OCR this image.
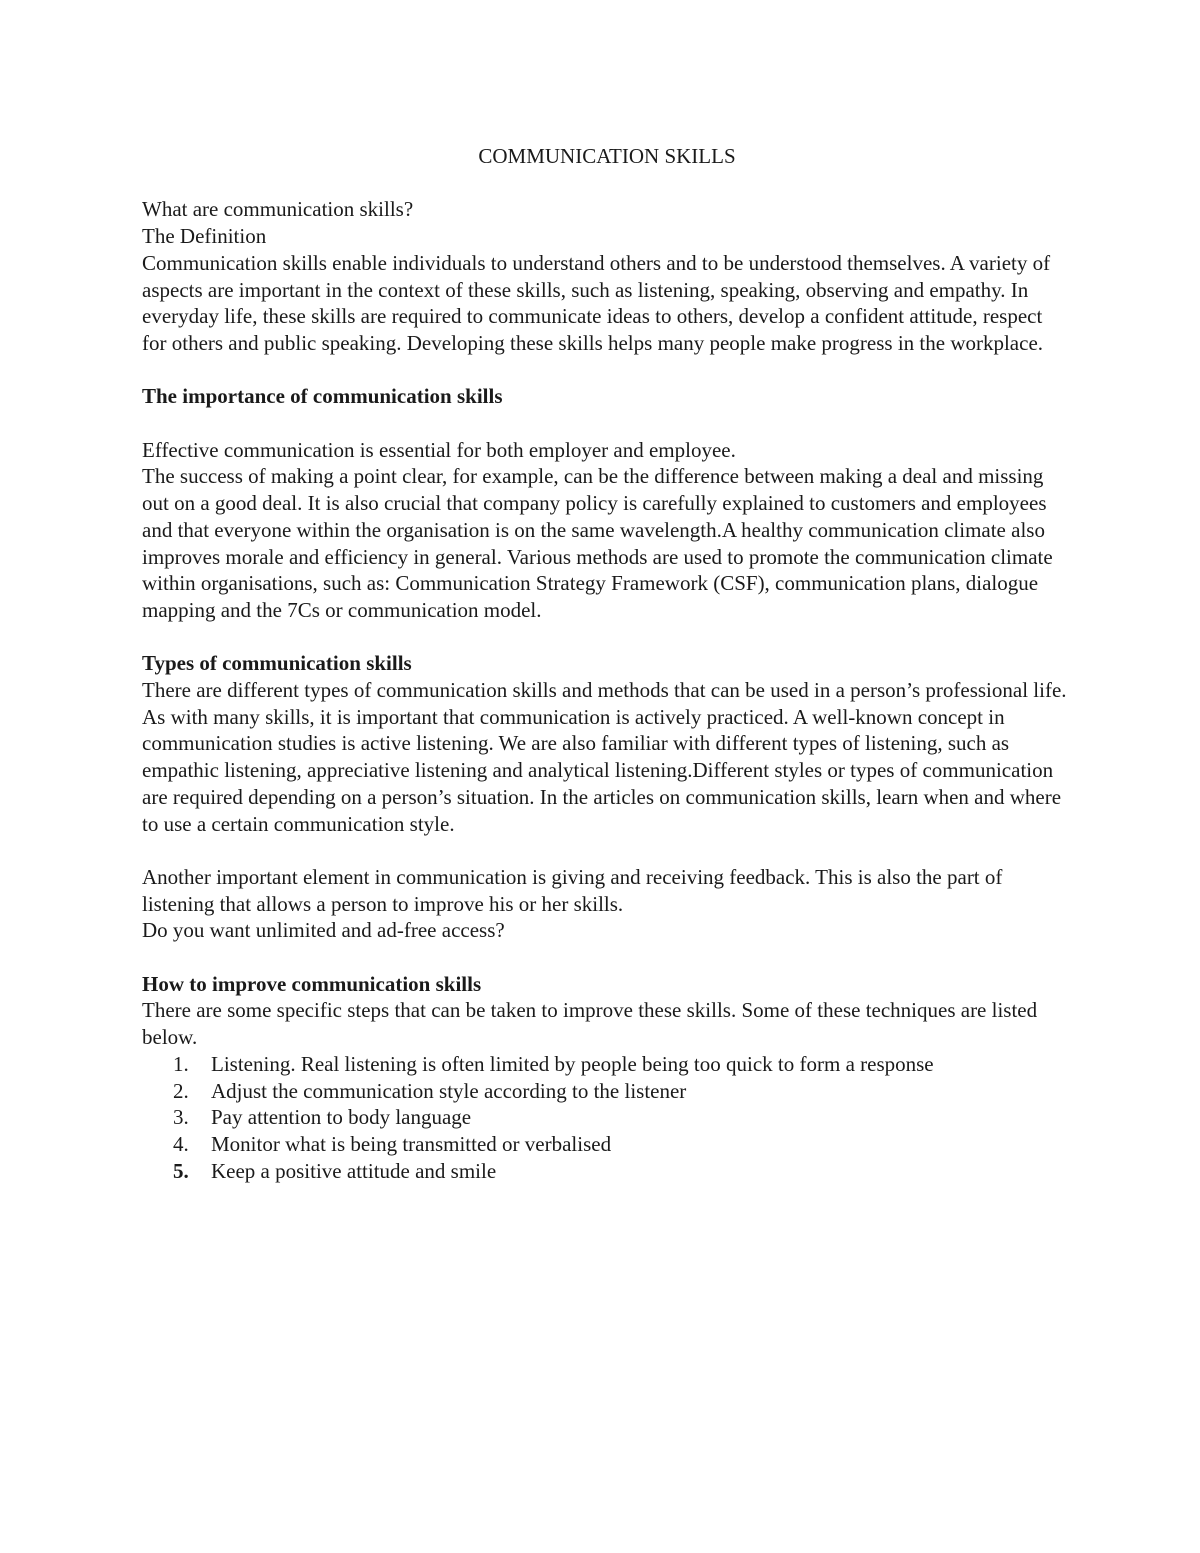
COMMUNICATION SKILLS

What are communication skills?

The Definition

Communication skills enable individuals to understand others and to be understood themselves. A variety of aspects are important in the context of these skills, such as listening, speaking, observing and empathy. In everyday life, these skills are required to communicate ideas to others, develop a confident attitude, respect for others and public speaking. Developing these skills helps many people make progress in the workplace.

The importance of communication skills

Effective communication is essential for both employer and employee.

The success of making a point clear, for example, can be the difference between making a deal and missing out on a good deal. It is also crucial that company policy is carefully explained to customers and employees and that everyone within the organisation is on the same wavelength.A healthy communication climate also improves morale and efficiency in general. Various methods are used to promote the communication climate within organisations, such as: Communication Strategy Framework (CSF), communication plans, dialogue mapping and the 7Cs or communication model.

Types of communication skills

There are different types of communication skills and methods that can be used in a person’s professional life. As with many skills, it is important that communication is actively practiced. A well-known concept in communication studies is active listening. We are also familiar with different types of listening, such as empathic listening, appreciative listening and analytical listening.Different styles or types of communication are required depending on a person’s situation. In the articles on communication skills, learn when and where to use a certain communication style.

Another important element in communication is giving and receiving feedback. This is also the part of listening that allows a person to improve his or her skills.

Do you want unlimited and ad-free access?

How to improve communication skills

There are some specific steps that can be taken to improve these skills. Some of these techniques are listed below.

1. Listening. Real listening is often limited by people being too quick to form a response
2. Adjust the communication style according to the listener
3. Pay attention to body language
4. Monitor what is being transmitted or verbalised
5. Keep a positive attitude and smile
